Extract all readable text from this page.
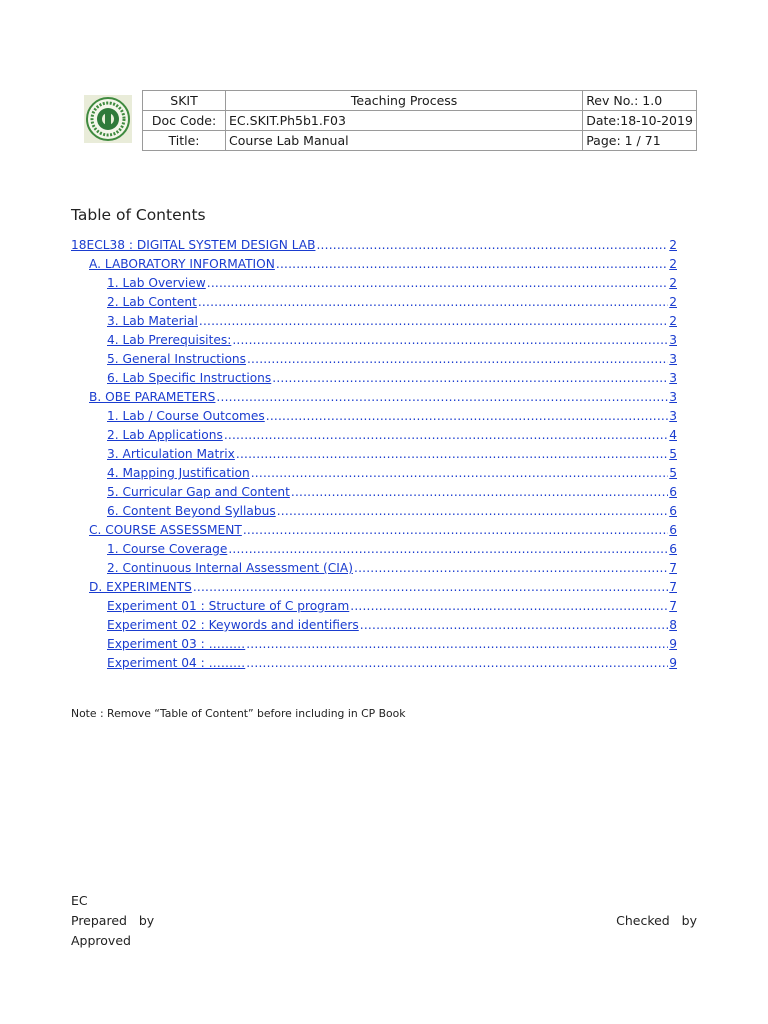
SKIT	Teaching Process	Rev No.: 1.0
Doc Code:	EC.SKIT.Ph5b1.F03	Date:18-10-2019
Title:	Course Lab Manual	Page: 1 / 71
Table of Contents
18ECL38 : DIGITAL SYSTEM DESIGN LAB .....	2
A. LABORATORY INFORMATION .....	2
1. Lab Overview .....	2
2. Lab Content .....	2
3. Lab Material .....	2
4. Lab Prerequisites: .....	3
5. General Instructions .....	3
6. Lab Specific Instructions .....	3
B. OBE PARAMETERS .....	3
1. Lab / Course Outcomes .....	3
2. Lab Applications .....	4
3. Articulation Matrix .....	5
4. Mapping Justification .....	5
5. Curricular Gap and Content .....	6
6. Content Beyond Syllabus .....	6
C. COURSE ASSESSMENT .....	6
1. Course Coverage .....	6
2. Continuous Internal Assessment (CIA) .....	7
D. EXPERIMENTS .....	7
Experiment 01 : Structure of C program .....	7
Experiment 02 : Keywords and identifiers .....	8
Experiment 03 : ……… .....	9
Experiment 04 : ……… .....	9
Note : Remove “Table of Content” before including in CP Book
EC
Prepared   by	Checked   by
Approved
